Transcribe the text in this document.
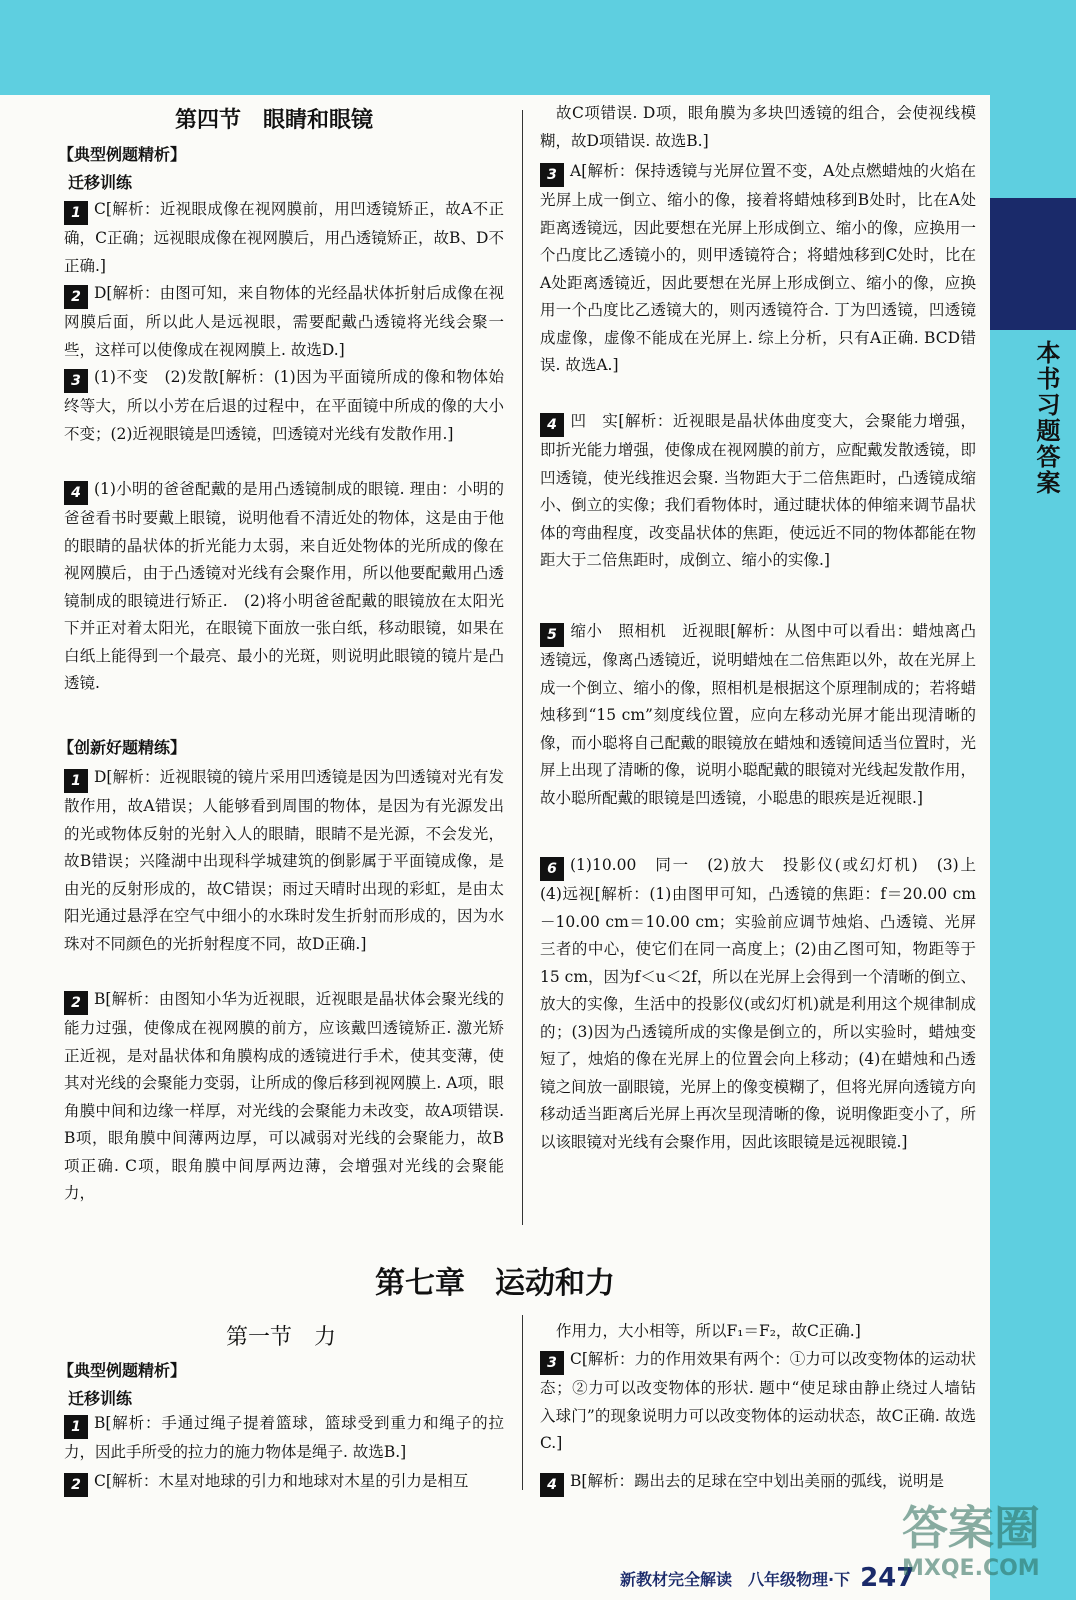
本书习题答案
第四节　眼睛和眼镜

【典型例题精析】

迁移训练

1 C[解析：近视眼成像在视网膜前，用凹透镜矫正，故A不正确，C正确；远视眼成像在视网膜后，用凸透镜矫正，故B、D不正确.]

2 D[解析：由图可知，来自物体的光经晶状体折射后成像在视网膜后面，所以此人是远视眼，需要配戴凸透镜将光线会聚一些，这样可以使像成在视网膜上. 故选D.]

3 (1)不变　(2)发散[解析：(1)因为平面镜所成的像和物体始终等大，所以小芳在后退的过程中，在平面镜中所成的像的大小不变；(2)近视眼镜是凹透镜，凹透镜对光线有发散作用.]

4 (1)小明的爸爸配戴的是用凸透镜制成的眼镜. 理由：小明的爸爸看书时要戴上眼镜，说明他看不清近处的物体，这是由于他的眼睛的晶状体的折光能力太弱，来自近处物体的光所成的像在视网膜后，由于凸透镜对光线有会聚作用，所以他要配戴用凸透镜制成的眼镜进行矫正.　(2)将小明爸爸配戴的眼镜放在太阳光下并正对着太阳光，在眼镜下面放一张白纸，移动眼镜，如果在白纸上能得到一个最亮、最小的光斑，则说明此眼镜的镜片是凸透镜.

【创新好题精练】

1 D[解析：近视眼镜的镜片采用凹透镜是因为凹透镜对光有发散作用，故A错误；人能够看到周围的物体，是因为有光源发出的光或物体反射的光射入人的眼睛，眼睛不是光源，不会发光，故B错误；兴隆湖中出现科学城建筑的倒影属于平面镜成像，是由光的反射形成的，故C错误；雨过天晴时出现的彩虹，是由太阳光通过悬浮在空气中细小的水珠时发生折射而形成的，因为水珠对不同颜色的光折射程度不同，故D正确.]

2 B[解析：由图知小华为近视眼，近视眼是晶状体会聚光线的能力过强，使像成在视网膜的前方，应该戴凹透镜矫正. 激光矫正近视，是对晶状体和角膜构成的透镜进行手术，使其变薄，使其对光线的会聚能力变弱，让所成的像后移到视网膜上. A项，眼角膜中间和边缘一样厚，对光线的会聚能力未改变，故A项错误. B项，眼角膜中间薄两边厚，可以减弱对光线的会聚能力，故B项正确. C项，眼角膜中间厚两边薄，会增强对光线的会聚能力，

故C项错误. D项，眼角膜为多块凹透镜的组合，会使视线模糊，故D项错误. 故选B.]

3 A[解析：保持透镜与光屏位置不变，A处点燃蜡烛的火焰在光屏上成一倒立、缩小的像，接着将蜡烛移到B处时，比在A处距离透镜远，因此要想在光屏上形成倒立、缩小的像，应换用一个凸度比乙透镜小的，则甲透镜符合；将蜡烛移到C处时，比在A处距离透镜近，因此要想在光屏上形成倒立、缩小的像，应换用一个凸度比乙透镜大的，则丙透镜符合. 丁为凹透镜，凹透镜成虚像，虚像不能成在光屏上. 综上分析，只有A正确. BCD错误. 故选A.]

4 凹　实[解析：近视眼是晶状体曲度变大，会聚能力增强，即折光能力增强，使像成在视网膜的前方，应配戴发散透镜，即凹透镜，使光线推迟会聚. 当物距大于二倍焦距时，凸透镜成缩小、倒立的实像；我们看物体时，通过睫状体的伸缩来调节晶状体的弯曲程度，改变晶状体的焦距，使远近不同的物体都能在物距大于二倍焦距时，成倒立、缩小的实像.]

5 缩小　照相机　近视眼[解析：从图中可以看出：蜡烛离凸透镜远，像离凸透镜近，说明蜡烛在二倍焦距以外，故在光屏上成一个倒立、缩小的像，照相机是根据这个原理制成的；若将蜡烛移到“15 cm”刻度线位置，应向左移动光屏才能出现清晰的像，而小聪将自己配戴的眼镜放在蜡烛和透镜间适当位置时，光屏上出现了清晰的像，说明小聪配戴的眼镜对光线起发散作用，故小聪所配戴的眼镜是凹透镜，小聪患的眼疾是近视眼.]

6 (1)10.00　同一　(2)放大　投影仪(或幻灯机)　(3)上　(4)远视[解析：(1)由图甲可知，凸透镜的焦距：f＝20.00 cm－10.00 cm＝10.00 cm；实验前应调节烛焰、凸透镜、光屏三者的中心，使它们在同一高度上；(2)由乙图可知，物距等于15 cm，因为f＜u＜2f，所以在光屏上会得到一个清晰的倒立、放大的实像，生活中的投影仪(或幻灯机)就是利用这个规律制成的；(3)因为凸透镜所成的实像是倒立的，所以实验时，蜡烛变短了，烛焰的像在光屏上的位置会向上移动；(4)在蜡烛和凸透镜之间放一副眼镜，光屏上的像变模糊了，但将光屏向透镜方向移动适当距离后光屏上再次呈现清晰的像，说明像距变小了，所以该眼镜对光线有会聚作用，因此该眼镜是远视眼镜.]

第七章　运动和力
第一节　力

【典型例题精析】

迁移训练

1 B[解析：手通过绳子提着篮球，篮球受到重力和绳子的拉力，因此手所受的拉力的施力物体是绳子. 故选B.]

2 C[解析：木星对地球的引力和地球对木星的引力是相互

作用力，大小相等，所以F₁＝F₂，故C正确.]

3 C[解析：力的作用效果有两个：①力可以改变物体的运动状态；②力可以改变物体的形状. 题中“使足球由静止绕过人墙钻入球门”的现象说明力可以改变物体的运动状态，故C正确. 故选C.]

4 B[解析：踢出去的足球在空中划出美丽的弧线，说明是

新教材完全解读　八年级物理·下 247
答案圈
MXQE.COM
